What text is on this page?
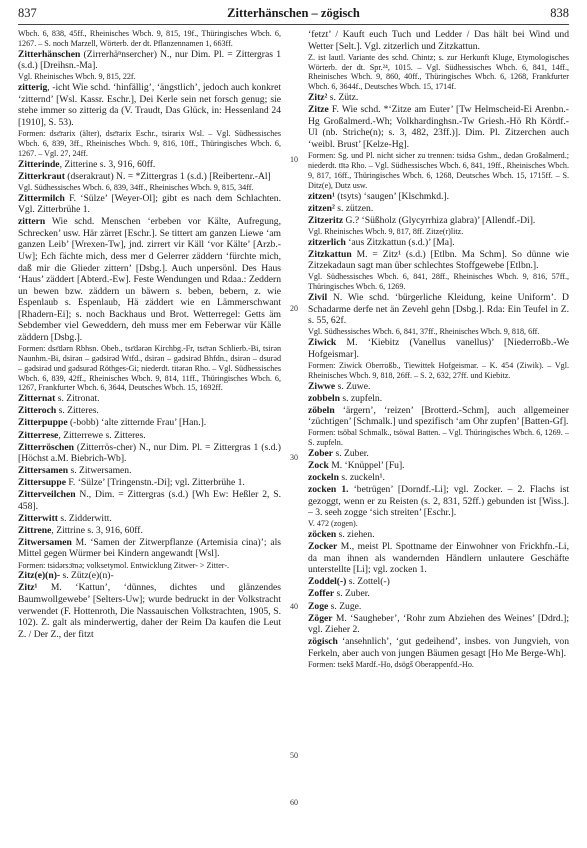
837	Zitterhänschen – zögisch	838

Wbch. 6, 838, 45ff., Rheinisches Wbch. 9, 815, 19f., Thüringisches Wbch. 6, 1267. – S. noch Marzell, Wörterb. der dt. Pflanzennamen 1, 663ff.

Zitterhänschen (Zirrerhäⁿnsercher) N., nur Dim. Pl. = Zittergras 1 (s.d.) [Dreihsn.-Ma].

Vgl. Rheinisches Wbch. 9, 815, 22f.

zitterig, -icht Wie schd. ‘hinfällig’, ‘ängstlich’, jedoch auch konkret ‘zitternd’ [Wsl. Kassr. Eschr.], Dei Kerle sein net forsch genug; sie stehe immer so zitterig da (V. Traudt, Das Glück, in: Hessenland 24 [1910], S. 53).

Formen: dsɛ̄rarix (älter), dsɛ̄rarix Eschr., tsirarix Wsl. – Vgl. Südhessisches Wbch. 6, 839, 3ff., Rheinisches Wbch. 9, 816, 10ff., Thüringisches Wbch. 6, 1267. – Vgl. 27, 24ff.

Zitterinde, Zitterine s. 3, 916, 60ff.

Zitterkraut (dserakraut) N. = *Zittergras 1 (s.d.) [Reibertenr.-Al]

Vgl. Südhessisches Wbch. 6, 839, 34ff., Rheinisches Wbch. 9, 815, 34ff.

Zittermilch F. ‘Sülze’ [Weyer-Ol]; gibt es nach dem Schlachten. Vgl. Zitterbrühe 1.

zittern Wie schd. Menschen ‘erbeben vor Kälte, Aufregung, Schrecken’ usw. Här zärret [Eschr.]. Se tittert am ganzen Liewe ‘am ganzen Leib’ [Wrexen-Tw], jnd. zirrert vir Käll ‘vor Kälte’ [Arzb.-Uw]; Ech fächte mich, dess mer d Gelerrer zäddern ‘fürchte mich, daß mir die Glieder zittern’ [Dsbg.]. Auch unpersönl. Des Haus ‘Haus’ zäddert [Abterd.-Ew]. Feste Wendungen und Rdaa.: Zeddern un bewen bzw. zäddern un bäwern s. beben, bebern, z. wie Espenlaub s. Espenlaub, Hä zäddert wie en Lämmerschwant [Rhadern-Ei]; s. noch Backhaus und Brot. Wetterregel: Getts äm Sebdember viel Geweddern, deh muss mer em Feberwar vür Källe zäddern [Dsbg.].

Formen: dsɛ̄dərn Rbhsn. Obeb., tsɛ̄dərən Kirchbg.-Fr, tsɛ̄rən Schlierb.-Bi, tsirən Naunhm.-Bi, dsirən – gədsirəd Wtfd., dsirən – gədsirəd Bhfdn., dsirən – dsurəd – gədsirəd und gədsurəd Röthges-Gi; niederdt. titərən Rho. – Vgl. Südhessisches Wbch. 6, 839, 42ff., Rheinisches Wbch. 9, 814, 11ff., Thüringisches Wbch. 6, 1267, Frankfurter Wbch. 6, 3644, Deutsches Wbch. 15, 1692ff.

Zitternat s. Zitronat.

Zitteroch s. Zitteres.

Zitterpuppe (-bobb) ‘alte zitternde Frau’ [Han.].

Zitterrese, Zitterrewe s. Zitteres.

Zitterröschen (Zitterrös-cher) N., nur Dim. Pl. = Zittergras 1 (s.d.) [Höchst a.M. Biebrich-Wb].

Zittersamen s. Zitwersamen.

Zittersuppe F. ‘Sülze’ [Tringenstn.-Di]; vgl. Zitterbrühe 1.

Zitterveilchen N., Dim. = Zittergras (s.d.) [Wh Ew: Heßler 2, S. 458].

Zitterwitt s. Zidderwitt.

Zittrene, Zittrine s. 3, 916, 60ff.

Zitwersamen M. ‘Samen der Zitwerpflanze (Artemisia cina)’; als Mittel gegen Würmer bei Kindern angewandt [Wsl].

Formen: tsidərsɔ̄mə; volksetymol. Entwicklung Zitwer- > Zitter-.

Zitz(e)(n)- s. Zütz(e)(n)-

Zitz¹ M. ‘Kattun’, ‘dünnes, dichtes und glänzendes Baumwollgewebe’ [Selters-Uw]; wurde bedruckt in der Volkstracht verwendet (F. Hottenroth, Die Nassauischen Volkstrachten, 1905, S. 102). Z. galt als minderwertig, daher der Reim Da kaufen die Leut Z. / Der Z., der fitzt

10
20
30
40
50
60

‘fetzt’ / Kauft euch Tuch und Ledder / Das hält bei Wind und Wetter [Selt.]. Vgl. zitzerlich und Zitzkattun.

Z. ist lautl. Variante des schd. Chintz; s. zur Herkunft Kluge, Etymologisches Wörterb. der dt. Spr.²⁴, 1015. – Vgl. Südhessisches Wbch. 6, 841, 14ff., Rheinisches Wbch. 9, 860, 40ff., Thüringisches Wbch. 6, 1268, Frankfurter Wbch. 6, 3644f., Deutsches Wbch. 15, 1714f.

Zitz² s. Zütz.

Zitze F. Wie schd. *‘Zitze am Euter’ [Tw Helmscheid-Ei Arenbn.-Hg Großalmerd.-Wh; Volkhardinghsn.-Tw Griesh.-Hö Rh Kördf.-Ul (nb. Striche(n); s. 3, 482, 23ff.)]. Dim. Pl. Zitzerchen auch ‘weibl. Brust’ [Kelze-Hg].

Formen: Sg. und Pl. nicht sicher zu trennen: tsidsə Gshm., dedən Großalmerd.; niederdt. tītə Rho. – Vgl. Südhessisches Wbch. 6, 841, 19ff., Rheinisches Wbch. 9, 817, 16ff., Thüringisches Wbch. 6, 1268, Deutsches Wbch. 15, 1715ff. – S. Ditz(e), Dutz usw.

zitzen¹ (tsyts) ‘saugen’ [Klschmkd.].

zitzen² s. zützen.

Zitzeritz G.? ‘Süßholz (Glycyrrhiza glabra)’ [Allendf.-Di].

Vgl. Rheinisches Wbch. 9, 817, 8ff. Zitze(r)litz.

zitzerlich ‘aus Zitzkattun (s.d.)’ [Ma].

Zitzkattun M. = Zitz¹ (s.d.) [Etlbn. Ma Schm]. So dünne wie Zitzekadaun sagt man über schlechtes Stoffgewebe [Etlbn.].

Vgl. Südhessisches Wbch. 6, 841, 28ff., Rheinisches Wbch. 9, 816, 57ff., Thüringisches Wbch. 6, 1269.

Zivil N. Wie schd. ‘bürgerliche Kleidung, keine Uniform’. D Schadarme derfe net än Zevehl gehn [Dsbg.]. Rda: Ein Teufel in Z. s. 55, 62f.

Vgl. Südhessisches Wbch. 6, 841, 37ff., Rheinisches Wbch. 9, 818, 6ff.

Ziwick M. ‘Kiebitz (Vanellus vanellus)’ [Niederroßb.-We Hofgeismar].

Formen: Ziwick Oberroßb., Tiewittek Hofgeismar. – K. 454 (Ziwik). – Vgl. Rheinisches Wbch. 9, 818, 26ff. – S. 2, 632, 27ff. und Kiebitz.

Ziwwe s. Zuwe.

zobbeln s. zupfeln.

zöbeln ‘ärgern’, ‘reizen’ [Brotterd.-Schm], auch allgemeiner ‘züchtigen’ [Schmalk.] und spezifisch ‘am Ohr zupfen’ [Batten-Gf].

Formen: tsöbal Schmalk., tsöwal Batten. – Vgl. Thüringisches Wbch. 6, 1269. – S. zupfeln.

Zober s. Zuber.

Zock M. ‘Knüppel’ [Fu].

zockeln s. zuckeln¹.

zocken 1. ‘betrügen’ [Dorndf.-Li]; vgl. Zocker. – 2. Flachs ist gezoggt, wenn er zu Reisten (s. 2, 831, 52ff.) gebunden ist [Wiss.]. – 3. seeh zogge ‘sich streiten’ [Eschr.].

V. 472 (zogen).

zöcken s. ziehen.

Zocker M., meist Pl. Spottname der Einwohner von Frickhfn.-Li, da man ihnen als wandernden Händlern unlautere Geschäfte unterstellte [Li]; vgl. zocken 1.

Zoddel(-) s. Zottel(-)

Zoffer s. Zuber.

Zoge s. Zuge.

Zöger M. ‘Saugheber’, ‘Rohr zum Abziehen des Weines’ [Ddrd.]; vgl. Zieher 2.

zögisch ‘ansehnlich’, ‘gut gedeihend’, insbes. von Jungvieh, von Ferkeln, aber auch von jungen Bäumen gesagt [Ho Me Berge-Wh].

Formen: tsekš Mardf.-Ho, dsögš Oberappenfd.-Ho.
